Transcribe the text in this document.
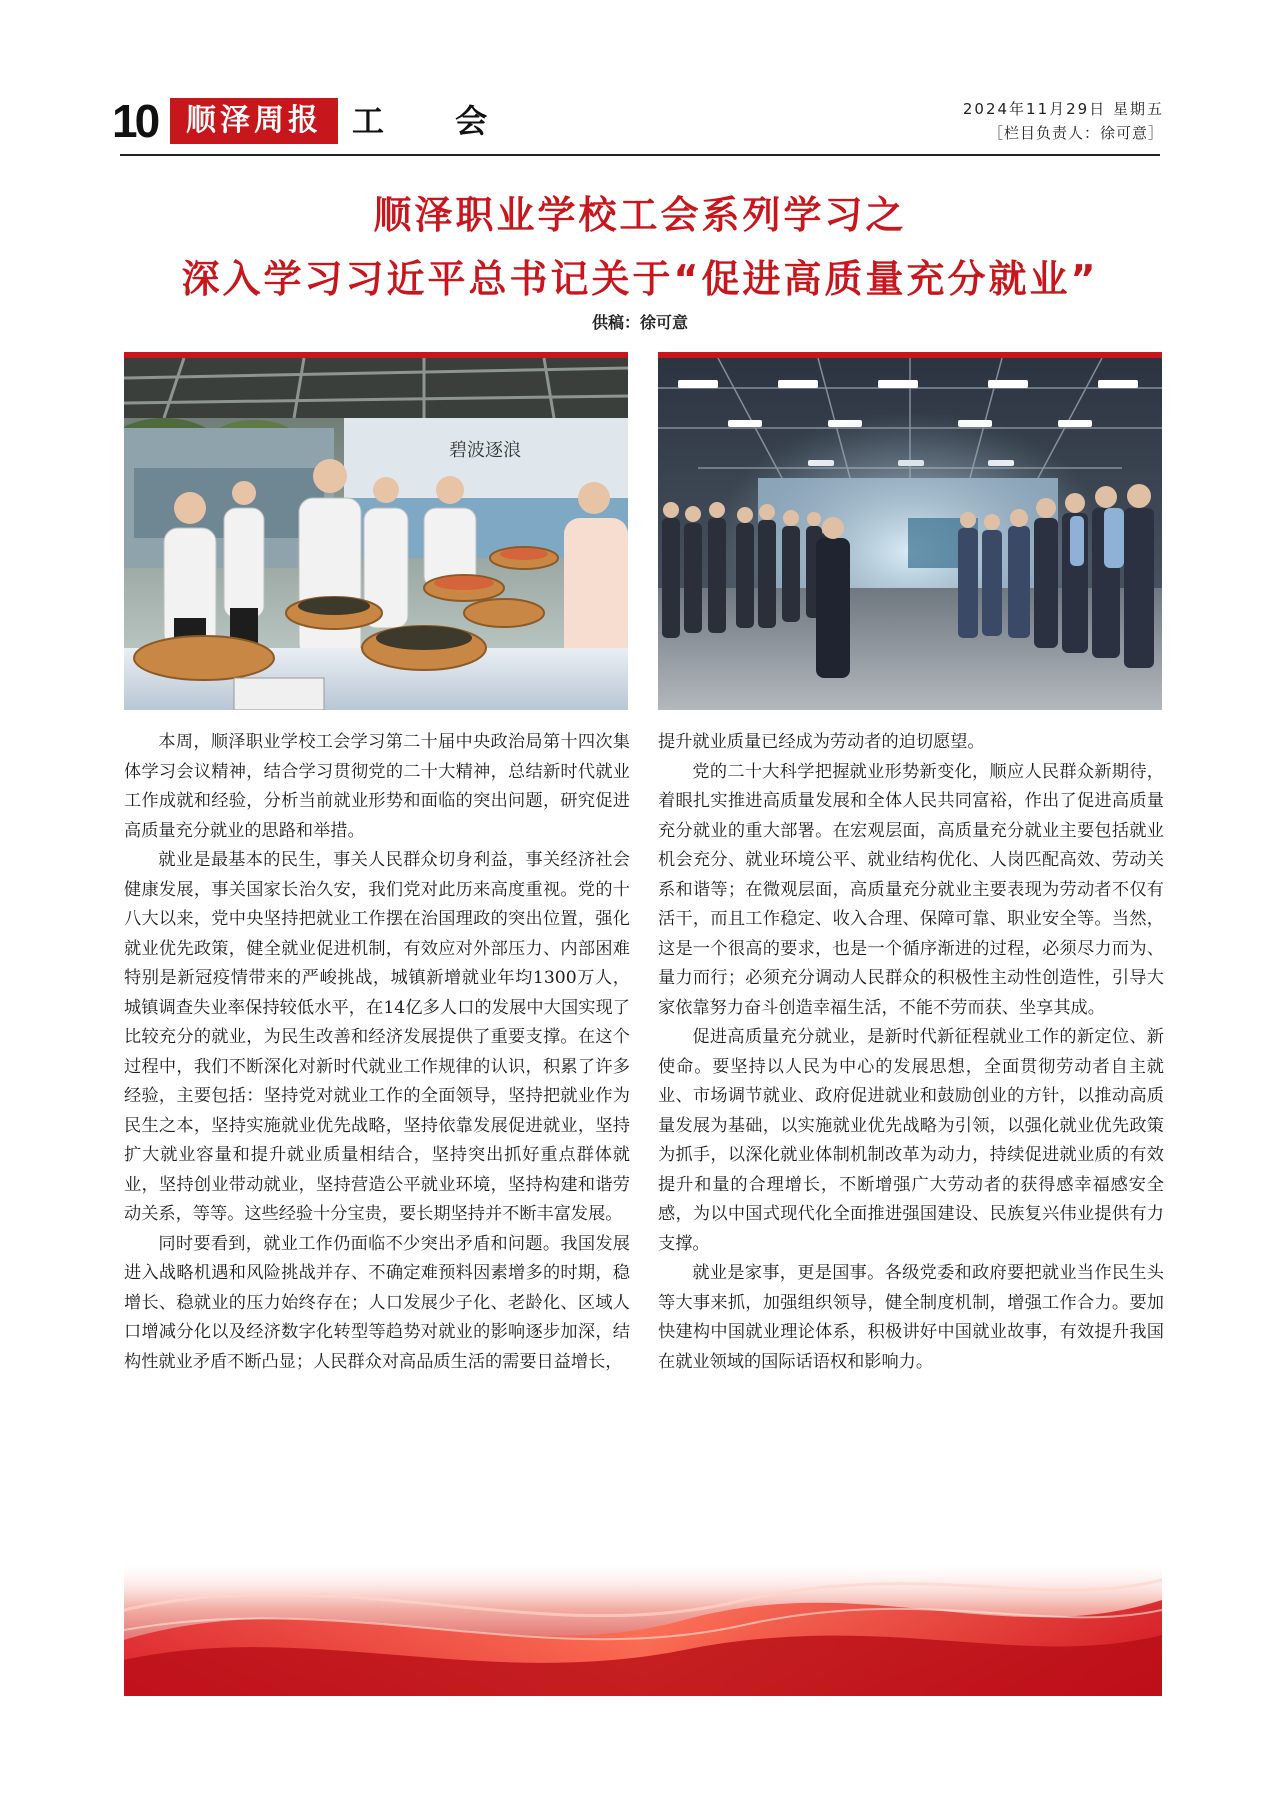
10 顺泽周报 工 会	2024年11月29日 星期五
［栏目负责人：徐可意］
顺泽职业学校工会系列学习之
深入学习习近平总书记关于“促进高质量充分就业”
供稿：徐可意
碧波逐浪

本周，顺泽职业学校工会学习第二十届中央政治局第十四次集体学习会议精神，结合学习贯彻党的二十大精神，总结新时代就业工作成就和经验，分析当前就业形势和面临的突出问题，研究促进高质量充分就业的思路和举措。

就业是最基本的民生，事关人民群众切身利益，事关经济社会健康发展，事关国家长治久安，我们党对此历来高度重视。党的十八大以来，党中央坚持把就业工作摆在治国理政的突出位置，强化就业优先政策，健全就业促进机制，有效应对外部压力、内部困难特别是新冠疫情带来的严峻挑战，城镇新增就业年均1300万人，城镇调查失业率保持较低水平，在14亿多人口的发展中大国实现了比较充分的就业，为民生改善和经济发展提供了重要支撑。在这个过程中，我们不断深化对新时代就业工作规律的认识，积累了许多经验，主要包括：坚持党对就业工作的全面领导，坚持把就业作为民生之本，坚持实施就业优先战略，坚持依靠发展促进就业，坚持扩大就业容量和提升就业质量相结合，坚持突出抓好重点群体就业，坚持创业带动就业，坚持营造公平就业环境，坚持构建和谐劳动关系，等等。这些经验十分宝贵，要长期坚持并不断丰富发展。

同时要看到，就业工作仍面临不少突出矛盾和问题。我国发展进入战略机遇和风险挑战并存、不确定难预料因素增多的时期，稳增长、稳就业的压力始终存在；人口发展少子化、老龄化、区域人口增减分化以及经济数字化转型等趋势对就业的影响逐步加深，结构性就业矛盾不断凸显；人民群众对高品质生活的需要日益增长，

提升就业质量已经成为劳动者的迫切愿望。

党的二十大科学把握就业形势新变化，顺应人民群众新期待，着眼扎实推进高质量发展和全体人民共同富裕，作出了促进高质量充分就业的重大部署。在宏观层面，高质量充分就业主要包括就业机会充分、就业环境公平、就业结构优化、人岗匹配高效、劳动关系和谐等；在微观层面，高质量充分就业主要表现为劳动者不仅有活干，而且工作稳定、收入合理、保障可靠、职业安全等。当然，这是一个很高的要求，也是一个循序渐进的过程，必须尽力而为、量力而行；必须充分调动人民群众的积极性主动性创造性，引导大家依靠努力奋斗创造幸福生活，不能不劳而获、坐享其成。

促进高质量充分就业，是新时代新征程就业工作的新定位、新使命。要坚持以人民为中心的发展思想，全面贯彻劳动者自主就业、市场调节就业、政府促进就业和鼓励创业的方针，以推动高质量发展为基础，以实施就业优先战略为引领，以强化就业优先政策为抓手，以深化就业体制机制改革为动力，持续促进就业质的有效提升和量的合理增长，不断增强广大劳动者的获得感幸福感安全感，为以中国式现代化全面推进强国建设、民族复兴伟业提供有力支撑。

就业是家事，更是国事。各级党委和政府要把就业当作民生头等大事来抓，加强组织领导，健全制度机制，增强工作合力。要加快建构中国就业理论体系，积极讲好中国就业故事，有效提升我国在就业领域的国际话语权和影响力。
